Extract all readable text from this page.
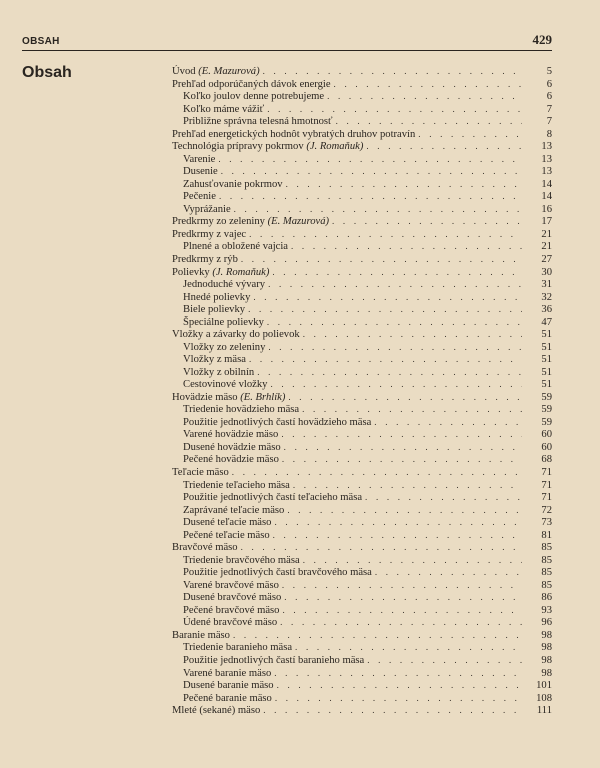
OBSAH	429
Obsah	Úvod (E. Mazurová) . . .	5
Prehľad odporúčaných dávok energie . . .	6
Koľko joulov denne potrebujeme . . .	6
Koľko máme vážiť . . .	7
Približne správna telesná hmotnosť . . .	7
Prehľad energetických hodnôt vybratých druhov potravín . . .	8
Technológia prípravy pokrmov (J. Romaňuk) . . .	13
Varenie . . .	13
Dusenie . . .	13
Zahusťovanie pokrmov . . .	14
Pečenie . . .	14
Vyprážanie . . .	16
Predkrmy zo zeleniny (E. Mazurová) . . .	17
Predkrmy z vajec . . .	21
Plnené a obložené vajcia . . .	21
Predkrmy z rýb . . .	27
Polievky (J. Romaňuk) . . .	30
Jednoduché vývary . . .	31
Hnedé polievky . . .	32
Biele polievky . . .	36
Špeciálne polievky . . .	47
Vložky a závarky do polievok . . .	51
Vložky zo zeleniny . . .	51
Vložky z mäsa . . .	51
Vložky z obilnín . . .	51
Cestovinové vložky . . .	51
Hovädzie mäso (E. Brhlík) . . .	59
Triedenie hovädzieho mäsa . . .	59
Použitie jednotlivých častí hovädzieho mäsa . . .	59
Varené hovädzie mäso . . .	60
Dusené hovädzie mäso . . .	60
Pečené hovädzie mäso . . .	68
Teľacie mäso . . .	71
Triedenie teľacieho mäsa . . .	71
Použitie jednotlivých častí teľacieho mäsa . . .	71
Zaprávané teľacie mäso . . .	72
Dusené teľacie mäso . . .	73
Pečené teľacie mäso . . .	81
Bravčové mäso . . .	85
Triedenie bravčového mäsa . . .	85
Použitie jednotlivých častí bravčového mäsa . . .	85
Varené bravčové mäso . . .	85
Dusené bravčové mäso . . .	86
Pečené bravčové mäso . . .	93
Údené bravčové mäso . . .	96
Baranie mäso . . .	98
Triedenie baranieho mäsa . . .	98
Použitie jednotlivých častí baranieho mäsa . . .	98
Varené baranie mäso . . .	98
Dusené baranie mäso . . .	101
Pečené baranie mäso . . .	108
Mleté (sekané) mäso . . .	111
